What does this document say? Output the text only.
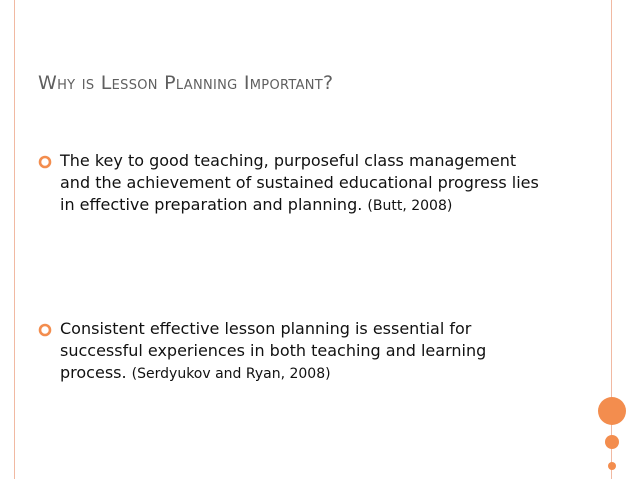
Why is Lesson Planning Important?
The key to good teaching, purposeful class management and the achievement of sustained educational progress lies in effective preparation and planning. (Butt, 2008)
Consistent effective lesson planning is essential for successful experiences in both teaching and learning process. (Serdyukov and Ryan, 2008)
